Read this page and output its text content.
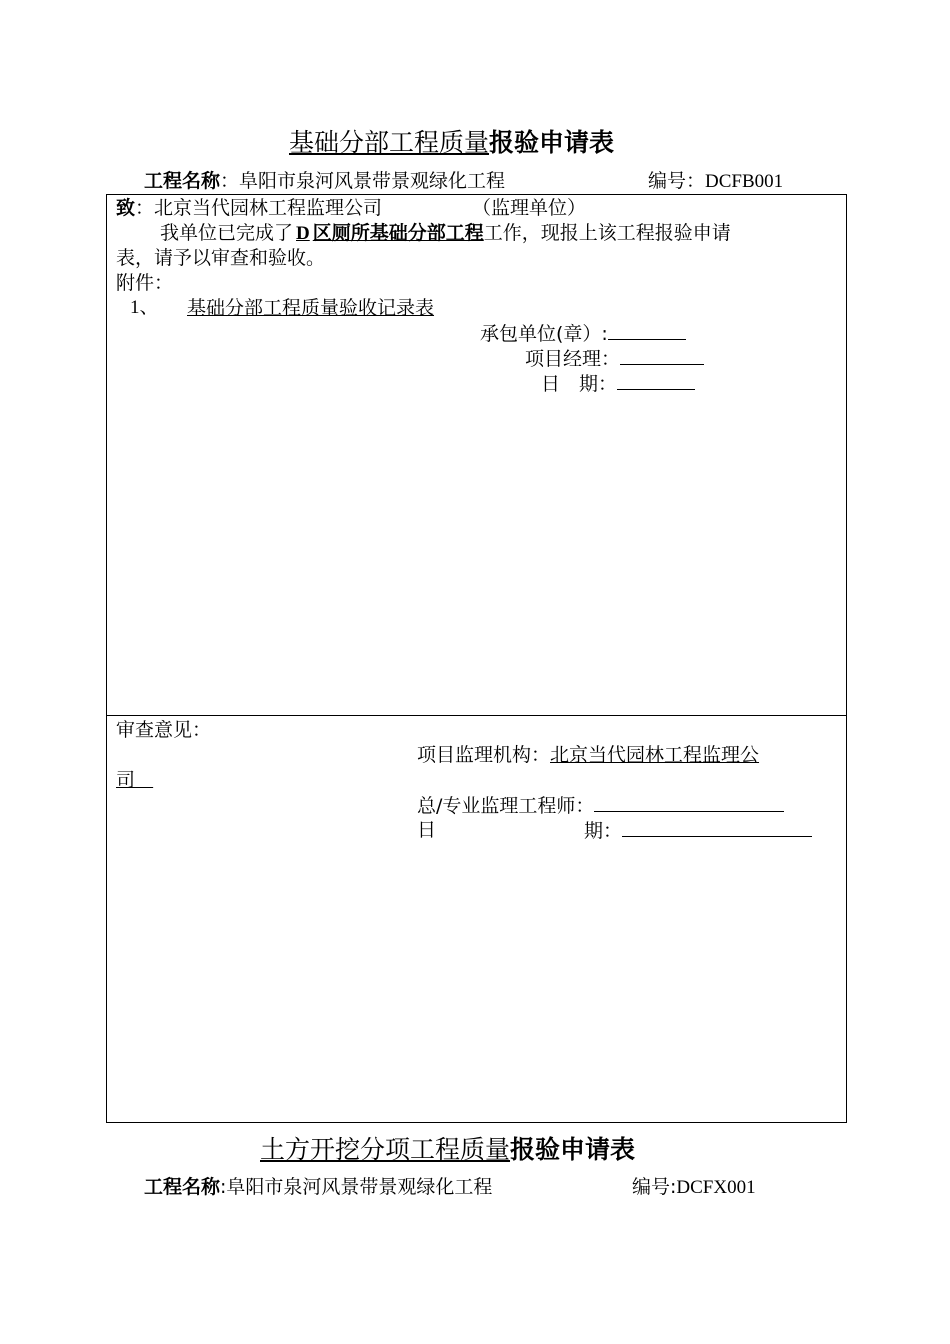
基础分部工程质量报验申请表
工程名称：阜阳市泉河风景带景观绿化工程	编号：DCFB001
致：北京当代园林工程监理公司	（监理单位）
我单位已完成了 D 区厕所基础分部工程工作，现报上该工程报验申请
表，请予以审查和验收。
附件：
1、 基础分部工程质量验收记录表
承包单位(章）:
项目经理：
日　期：
审查意见：
项目监理机构：北京当代园林工程监理公
司
总/专业监理工程师：
日	期：
土方开挖分项工程质量报验申请表
工程名称:阜阳市泉河风景带景观绿化工程	编号:DCFX001
